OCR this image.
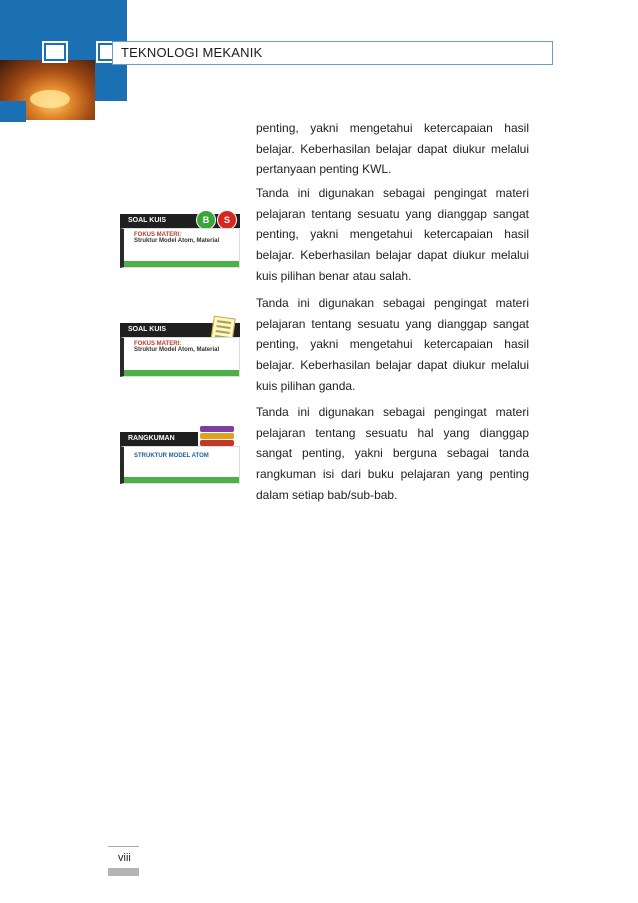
TEKNOLOGI MEKANIK
penting, yakni mengetahui ketercapaian hasil belajar. Keberhasilan belajar dapat diukur melalui pertanyaan penting KWL.
Tanda ini digunakan sebagai pengingat materi pelajaran tentang sesuatu yang dianggap sangat penting, yakni mengetahui ketercapaian hasil belajar. Keberhasilan belajar dapat diukur melalui kuis pilihan benar atau salah.
Tanda ini digunakan sebagai pengingat materi pelajaran tentang sesuatu yang dianggap sangat penting, yakni mengetahui ketercapaian hasil belajar. Keberhasilan belajar dapat diukur melalui kuis pilihan ganda.
Tanda ini digunakan sebagai pengingat materi pelajaran tentang sesuatu hal yang dianggap sangat penting, yakni berguna sebagai tanda rangkuman isi dari buku pelajaran yang penting dalam setiap bab/sub-bab.
SOAL KUIS	B	S
FOKUS MATERI:
Struktur Model Atom, Material
SOAL KUIS
FOKUS MATERI:
Struktur Model Atom, Material
RANGKUMAN
STRUKTUR MODEL ATOM
viii
